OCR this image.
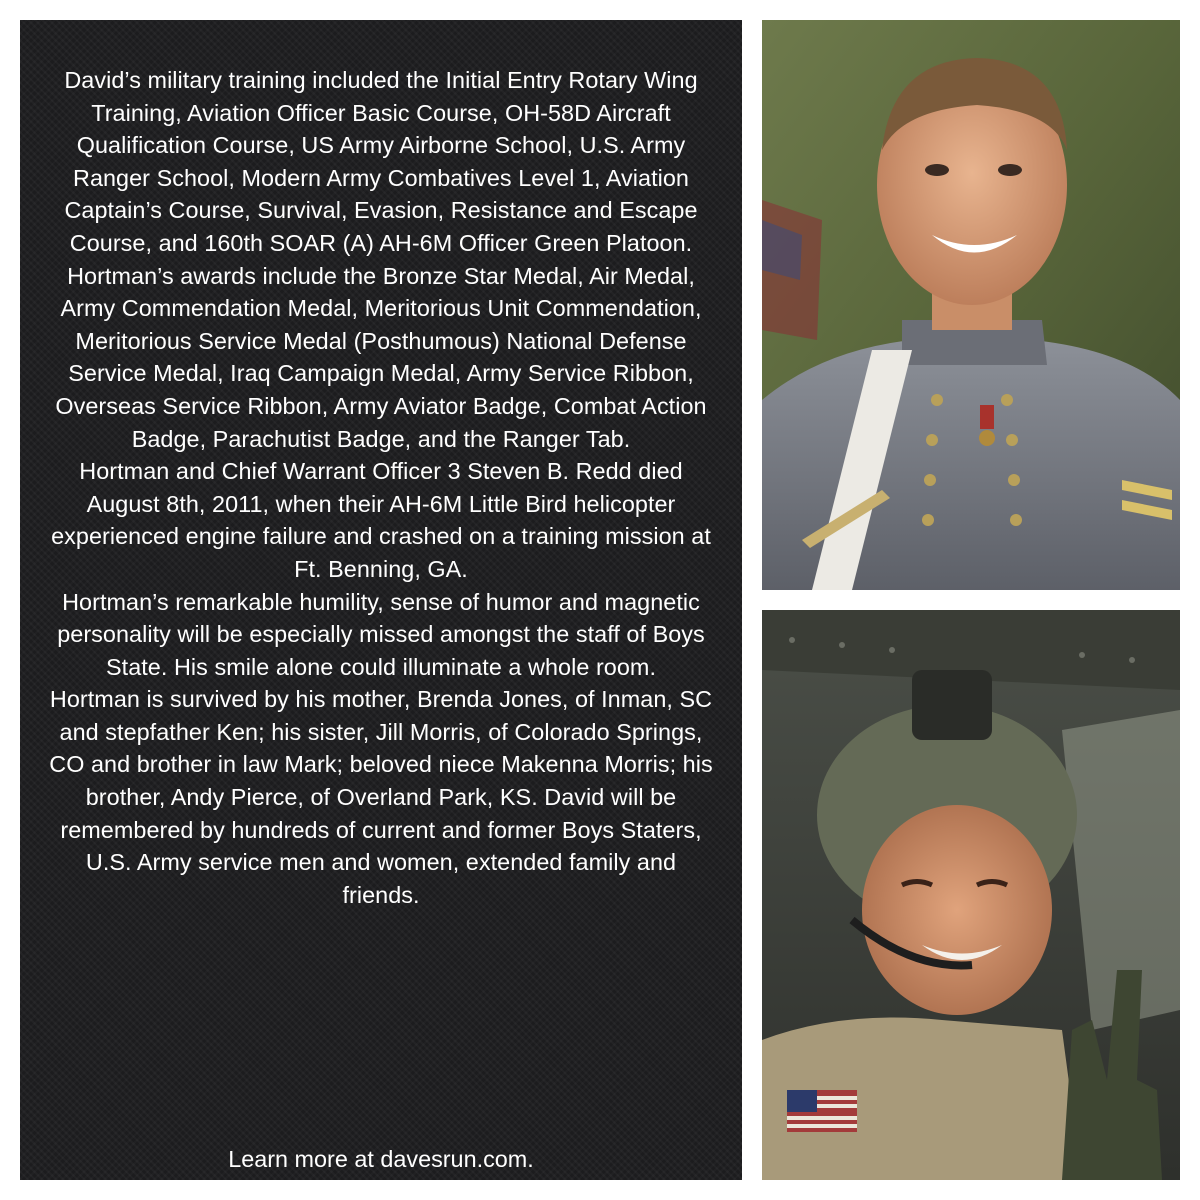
David’s military training included the Initial Entry Rotary Wing Training, Aviation Officer Basic Course, OH-58D Aircraft Qualification Course, US Army Airborne School, U.S. Army Ranger School, Modern Army Combatives Level 1, Aviation Captain’s Course, Survival, Evasion, Resistance and Escape Course, and 160th SOAR (A) AH-6M Officer Green Platoon.

Hortman’s awards include the Bronze Star Medal, Air Medal, Army Commendation Medal, Meritorious Unit Commendation, Meritorious Service Medal (Posthumous) National Defense Service Medal, Iraq Campaign Medal, Army Service Ribbon, Overseas Service Ribbon, Army Aviator Badge, Combat Action Badge, Parachutist Badge, and the Ranger Tab.

Hortman and Chief Warrant Officer 3 Steven B. Redd died August 8th, 2011, when their AH-6M Little Bird helicopter experienced engine failure and crashed on a training mission at Ft. Benning, GA.

Hortman’s remarkable humility, sense of humor and magnetic personality will be especially missed amongst the staff of Boys State. His smile alone could illuminate a whole room.

Hortman is survived by his mother, Brenda Jones, of Inman, SC and stepfather Ken; his sister, Jill Morris, of Colorado Springs, CO and brother in law Mark; beloved niece Makenna Morris; his brother, Andy Pierce, of Overland Park, KS. David will be remembered by hundreds of current and former Boys Staters, U.S. Army service men and women, extended family and friends.

Learn more at davesrun.com.
